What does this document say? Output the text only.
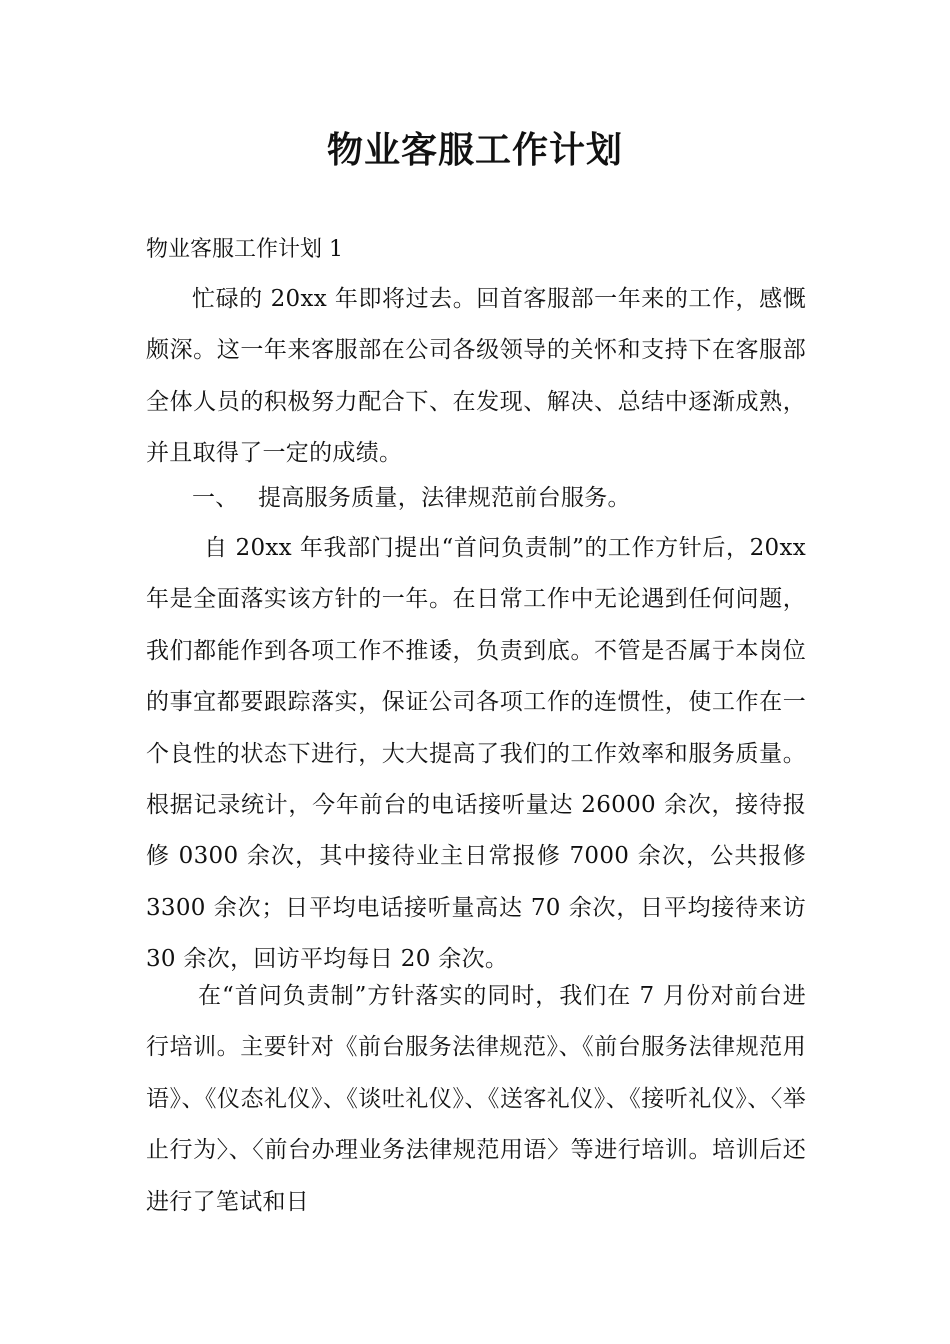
物业客服工作计划

物业客服工作计划 1

忙碌的 20xx 年即将过去。回首客服部一年来的工作，感慨颇深。这一年来客服部在公司各级领导的关怀和支持下在客服部全体人员的积极努力配合下、在发现、解决、总结中逐渐成熟，并且取得了一定的成绩。

一、 提高服务质量，法律规范前台服务。

自 20xx 年我部门提出“首问负责制”的工作方针后，20xx 年是全面落实该方针的一年。在日常工作中无论遇到任何问题，我们都能作到各项工作不推诿，负责到底。不管是否属于本岗位的事宜都要跟踪落实，保证公司各项工作的连惯性，使工作在一个良性的状态下进行，大大提高了我们的工作效率和服务质量。根据记录统计，今年前台的电话接听量达 26000 余次，接待报修 0300 余次，其中接待业主日常报修 7000 余次，公共报修 3300 余次；日平均电话接听量高达 70 余次，日平均接待来访 30 余次，回访平均每日 20 余次。

在“首问负责制”方针落实的同时，我们在 7 月份对前台进行培训。主要针对《前台服务法律规范》、《前台服务法律规范用语》、《仪态礼仪》、《谈吐礼仪》、《送客礼仪》、《接听礼仪》、〈举止行为〉、〈前台办理业务法律规范用语〉等进行培训。培训后还进行了笔试和日
